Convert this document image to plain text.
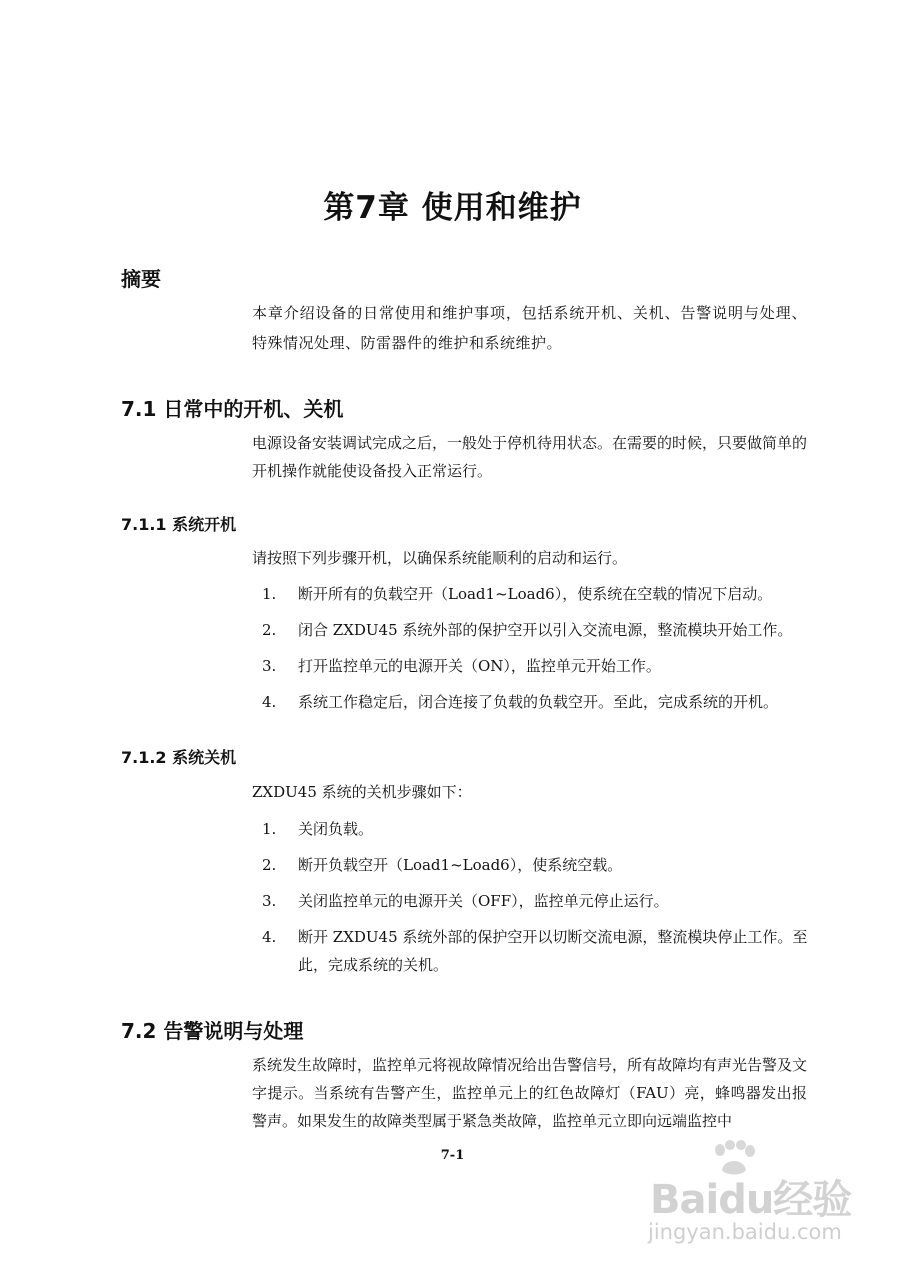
第7章 使用和维护
摘要

本章介绍设备的日常使用和维护事项，包括系统开机、关机、告警说明与处理、特殊情况处理、防雷器件的维护和系统维护。

7.1 日常中的开机、关机

电源设备安装调试完成之后，一般处于停机待用状态。在需要的时候，只要做简单的开机操作就能使设备投入正常运行。

7.1.1 系统开机

请按照下列步骤开机，以确保系统能顺利的启动和运行。

1. 断开所有的负载空开（Load1~Load6），使系统在空载的情况下启动。
2. 闭合 ZXDU45 系统外部的保护空开以引入交流电源，整流模块开始工作。
3. 打开监控单元的电源开关（ON），监控单元开始工作。
4. 系统工作稳定后，闭合连接了负载的负载空开。至此，完成系统的开机。
7.1.2 系统关机

ZXDU45 系统的关机步骤如下：

1. 关闭负载。
2. 断开负载空开（Load1~Load6），使系统空载。
3. 关闭监控单元的电源开关（OFF），监控单元停止运行。
4. 断开 ZXDU45 系统外部的保护空开以切断交流电源，整流模块停止工作。至此，完成系统的关机。
7.2 告警说明与处理

系统发生故障时，监控单元将视故障情况给出告警信号，所有故障均有声光告警及文字提示。当系统有告警产生，监控单元上的红色故障灯（FAU）亮，蜂鸣器发出报警声。如果发生的故障类型属于紧急类故障，监控单元立即向远端监控中

7-1
Baidu经验
jingyan.baidu.com
